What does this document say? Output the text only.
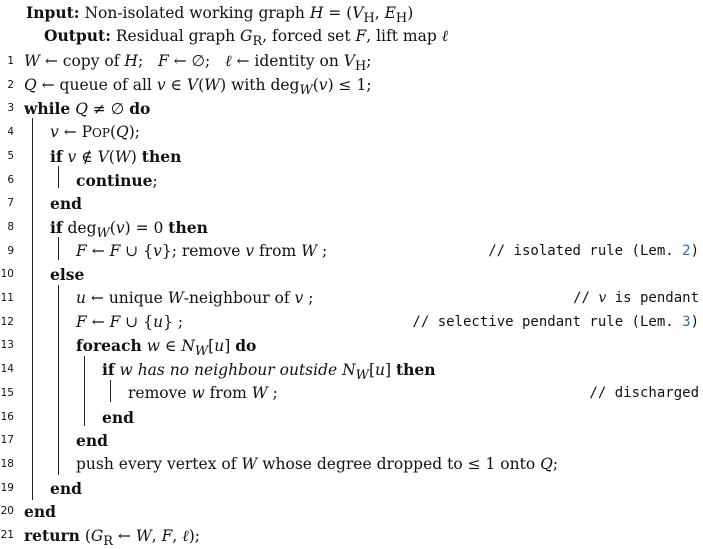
Input: Non-isolated working graph $H = (V_H$, $E_H$)
Output: Residual graph $G_R$, forced set F, lift map ℓ
1 W ← copy of H;   F ← ∅;   ℓ ← identity on $V_H$;
2 Q ← queue of all v ∈ V(W) with deg$_W$(v) ≤ 1;
3 while Q ≠ ∅ do
4 v ← POP(Q);
5 if v ∉ V(W) then
6	continue;
7 end
8 if deg$_W$(v) = 0 then
9	F ← F ∪ {v}; remove v from W ;	// isolated rule (Lem. 2)
10 else
11	u ← unique W-neighbour of v ;	// v is pendant
12	F ← F ∪ {u} ;	// selective pendant rule (Lem. 3)
13	foreach w ∈ $N_W[u]$ do
14	if w has no neighbour outside $N_W[u]$ then
15	remove w from W ;	// discharged
16	end
17	end
18	push every vertex of W whose degree dropped to ≤ 1 onto Q;
19 end
20 end
21 return ($G_R$ ← W, F, ℓ);
